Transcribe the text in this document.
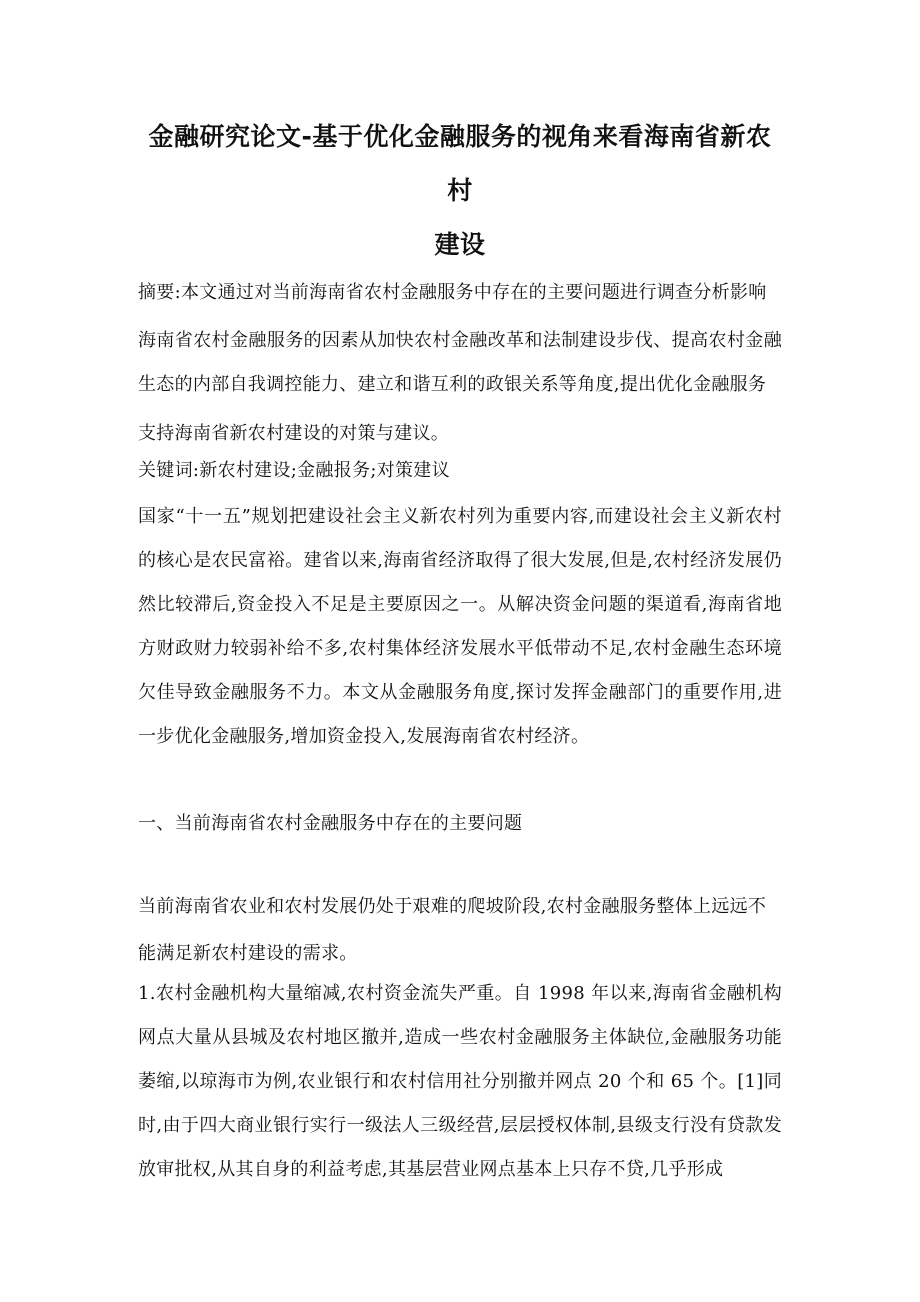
金融研究论文-基于优化金融服务的视角来看海南省新农村
建设

摘要:本文通过对当前海南省农村金融服务中存在的主要问题进行调查分析影响

海南省农村金融服务的因素从加快农村金融改革和法制建设步伐、提高农村金融生态的内部自我调控能力、建立和谐互利的政银关系等角度,提出优化金融服务

支持海南省新农村建设的对策与建议。

关键词:新农村建设;金融报务;对策建议

国家“十一五”规划把建设社会主义新农村列为重要内容,而建设社会主义新农村的核心是农民富裕。建省以来,海南省经济取得了很大发展,但是,农村经济发展仍然比较滞后,资金投入不足是主要原因之一。从解决资金问题的渠道看,海南省地方财政财力较弱补给不多,农村集体经济发展水平低带动不足,农村金融生态环境欠佳导致金融服务不力。本文从金融服务角度,探讨发挥金融部门的重要作用,进一步优化金融服务,增加资金投入,发展海南省农村经济。

一、当前海南省农村金融服务中存在的主要问题

当前海南省农业和农村发展仍处于艰难的爬坡阶段,农村金融服务整体上远远不

能满足新农村建设的需求。

1.农村金融机构大量缩减,农村资金流失严重。自 1998 年以来,海南省金融机构网点大量从县城及农村地区撤并,造成一些农村金融服务主体缺位,金融服务功能萎缩,以琼海市为例,农业银行和农村信用社分别撤并网点 20 个和 65 个。[1]同时,由于四大商业银行实行一级法人三级经营,层层授权体制,县级支行没有贷款发放审批权,从其自身的利益考虑,其基层营业网点基本上只存不贷,几乎形成
